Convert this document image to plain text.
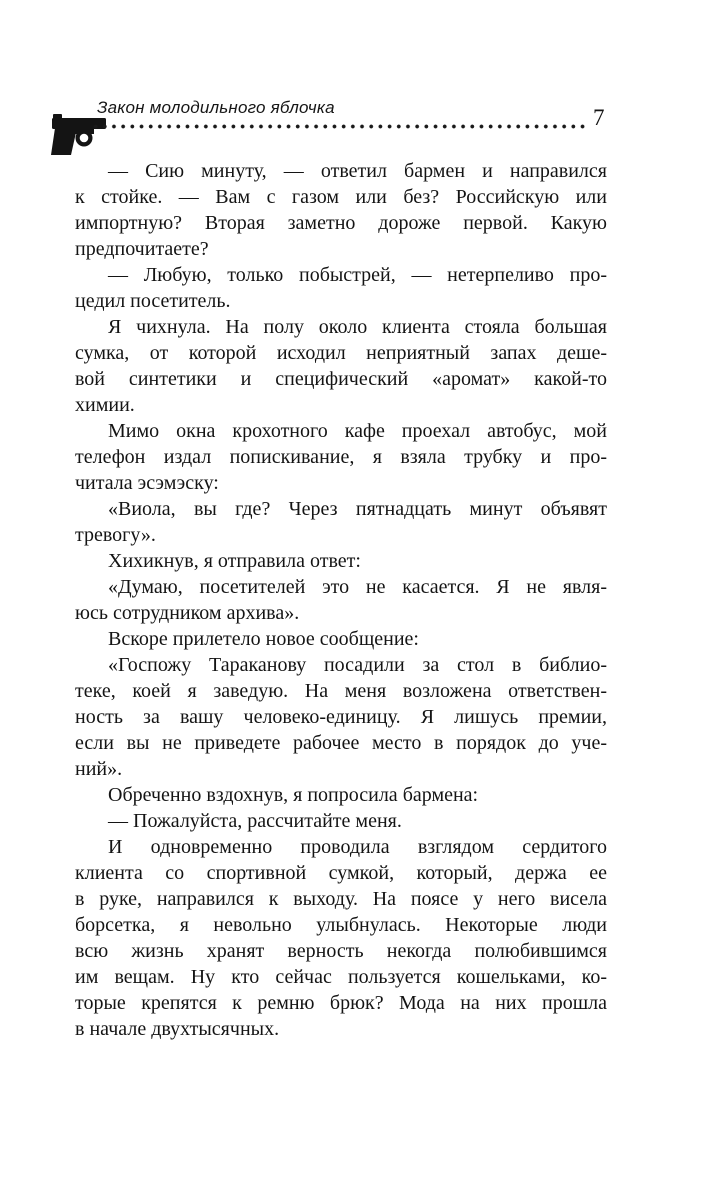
Закон молодильного яблочка	7
— Сию минуту, — ответил бармен и направился
к стойке. — Вам с газом или без? Российскую или
импортную? Вторая заметно дороже первой. Какую
предпочитаете?
— Любую, только побыстрей, — нетерпеливо про-
цедил посетитель.
Я чихнула. На полу около клиента стояла большая
сумка, от которой исходил неприятный запах деше-
вой синтетики и специфический «аромат» какой-то
химии.
Мимо окна крохотного кафе проехал автобус, мой
телефон издал попискивание, я взяла трубку и про-
читала эсэмэску:
«Виола, вы где? Через пятнадцать минут объявят
тревогу».
Хихикнув, я отправила ответ:
«Думаю, посетителей это не касается. Я не явля-
юсь сотрудником архива».
Вскоре прилетело новое сообщение:
«Госпожу Тараканову посадили за стол в библио-
теке, коей я заведую. На меня возложена ответствен-
ность за вашу человеко-единицу. Я лишусь премии,
если вы не приведете рабочее место в порядок до уче-
ний».
Обреченно вздохнув, я попросила бармена:
— Пожалуйста, рассчитайте меня.
И одновременно проводила взглядом сердитого
клиента со спортивной сумкой, который, держа ее
в руке, направился к выходу. На поясе у него висела
борсетка, я невольно улыбнулась. Некоторые люди
всю жизнь хранят верность некогда полюбившимся
им вещам. Ну кто сейчас пользуется кошельками, ко-
торые крепятся к ремню брюк? Мода на них прошла
в начале двухтысячных.
